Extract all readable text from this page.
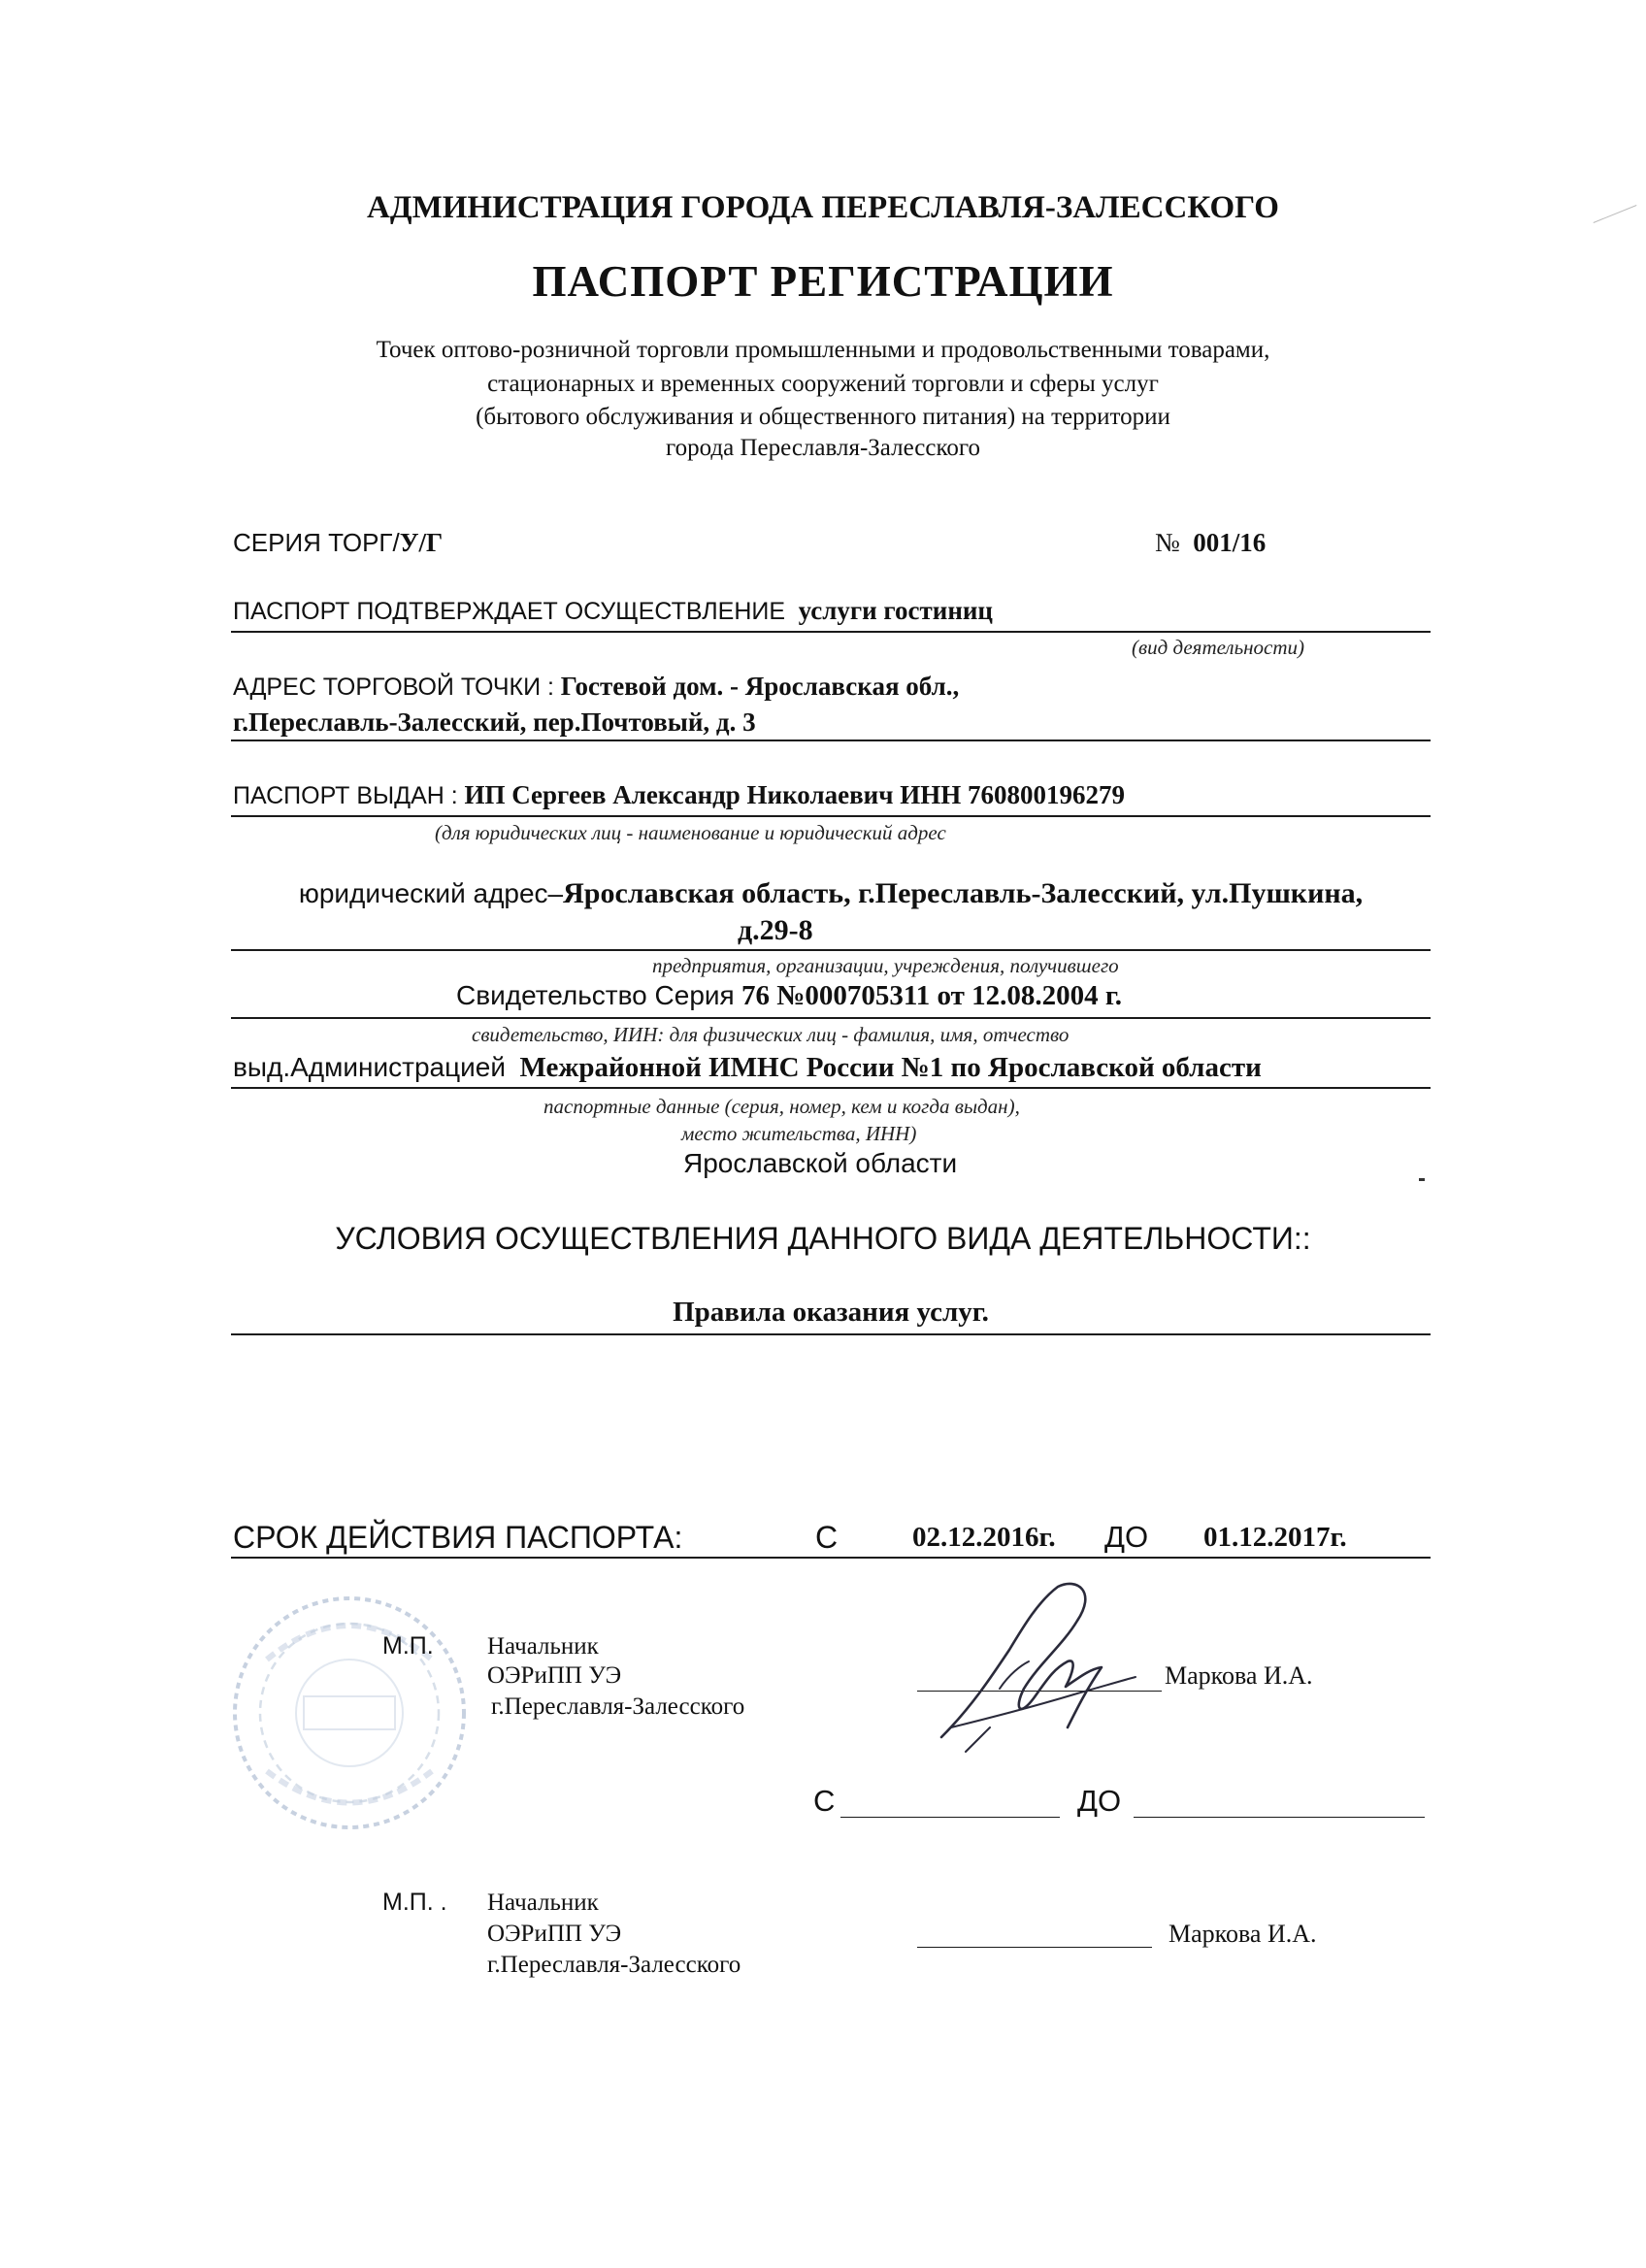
АДМИНИСТРАЦИЯ ГОРОДА ПЕРЕСЛАВЛЯ-ЗАЛЕССКОГО
ПАСПОРТ РЕГИСТРАЦИИ
Точек оптово-розничной торговли промышленными и продовольственными товарами,
стационарных и временных сооружений торговли и сферы услуг
(бытового обслуживания и общественного питания) на территории
города Переславля-Залесского
СЕРИЯ ТОРГ/У/Г	№ 001/16
ПАСПОРТ ПОДТВЕРЖДАЕТ ОСУЩЕСТВЛЕНИЕ услуги гостиниц
(вид деятельности)
АДРЕС ТОРГОВОЙ ТОЧКИ : Гостевой дом. - Ярославская обл.,
г.Переславль-Залесский, пер.Почтовый, д. 3
ПАСПОРТ ВЫДАН : ИП Сергеев Александр Николаевич ИНН 760800196279
(для юридических лиц - наименование и юридический адрес
юридический адрес–Ярославская область, г.Переславль-Залесский, ул.Пушкина,
д.29-8
предприятия, организации, учреждения, получившего
Свидетельство Серия 76 №000705311 от 12.08.2004 г.
свидетельство, ИИН: для физических лиц - фамилия, имя, отчество
выд.Администрацией Межрайонной ИМНС России №1 по Ярославской области
паспортные данные (серия, номер, кем и когда выдан),
место жительства, ИНН)
Ярославской области
УСЛОВИЯ ОСУЩЕСТВЛЕНИЯ ДАННОГО ВИДА ДЕЯТЕЛЬНОСТИ::
Правила оказания услуг.
СРОК ДЕЙСТВИЯ ПАСПОРТА:	С	02.12.2016г. ДО 01.12.2017г.
М.П. Начальник
ОЭРиПП УЭ
г.Переславля-Залесского
Маркова И.А.
С	ДО
М.П. . Начальник
ОЭРиПП УЭ
г.Переславля-Залесского
Маркова И.А.
